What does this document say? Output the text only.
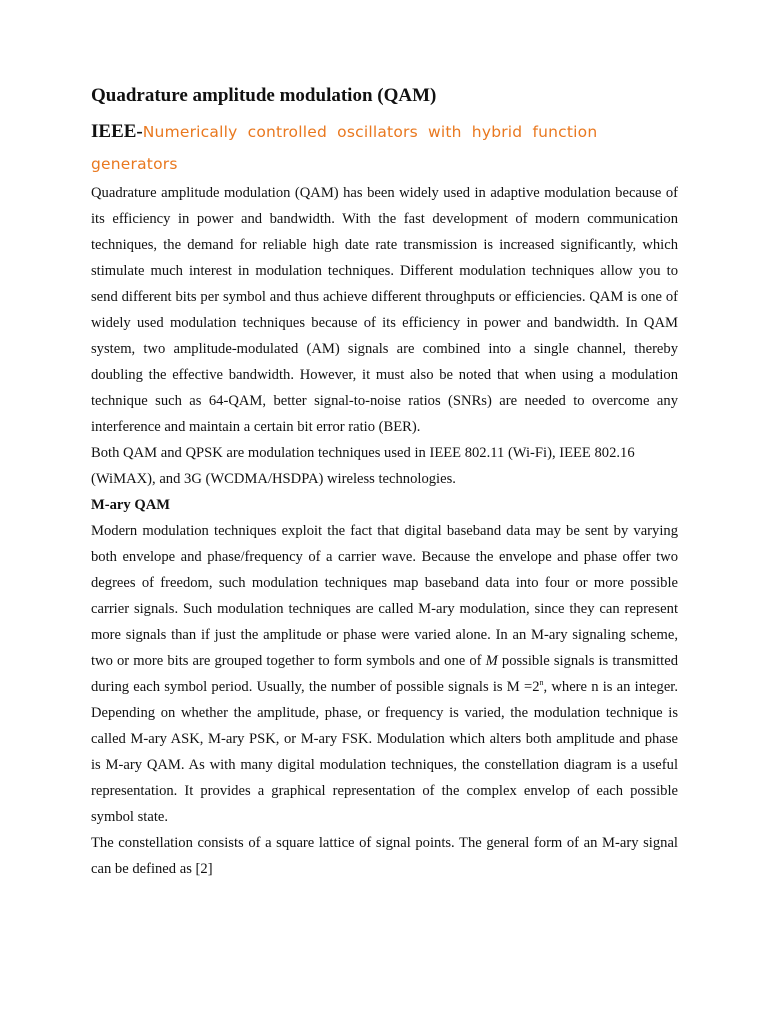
Quadrature amplitude modulation (QAM)
IEEE-Numerically controlled oscillators with hybrid function generators

Quadrature amplitude modulation (QAM) has been widely used in adaptive modulation because of its efficiency in power and bandwidth. With the fast development of modern communication techniques, the demand for reliable high date rate transmission is increased significantly, which stimulate much interest in modulation techniques. Different modulation techniques allow you to send different bits per symbol and thus achieve different throughputs or efficiencies. QAM is one of widely used modulation techniques because of its efficiency in power and bandwidth. In QAM system, two amplitude-modulated (AM) signals are combined into a single channel, thereby doubling the effective bandwidth. However, it must also be noted that when using a modulation technique such as 64-QAM, better signal-to-noise ratios (SNRs) are needed to overcome any interference and maintain a certain bit error ratio (BER).

Both QAM and QPSK are modulation techniques used in IEEE 802.11 (Wi-Fi), IEEE 802.16 (WiMAX), and 3G (WCDMA/HSDPA) wireless technologies.

M-ary QAM

Modern modulation techniques exploit the fact that digital baseband data may be sent by varying both envelope and phase/frequency of a carrier wave. Because the envelope and phase offer two degrees of freedom, such modulation techniques map baseband data into four or more possible carrier signals. Such modulation techniques are called M-ary modulation, since they can represent more signals than if just the amplitude or phase were varied alone. In an M-ary signaling scheme, two or more bits are grouped together to form symbols and one of M possible signals is transmitted during each symbol period. Usually, the number of possible signals is $M =2^n$, where n is an integer. Depending on whether the amplitude, phase, or frequency is varied, the modulation technique is called M-ary ASK, M-ary PSK, or M-ary FSK. Modulation which alters both amplitude and phase is M-ary QAM. As with many digital modulation techniques, the constellation diagram is a useful representation. It provides a graphical representation of the complex envelop of each possible symbol state.

The constellation consists of a square lattice of signal points. The general form of an M-ary signal can be defined as [2]
